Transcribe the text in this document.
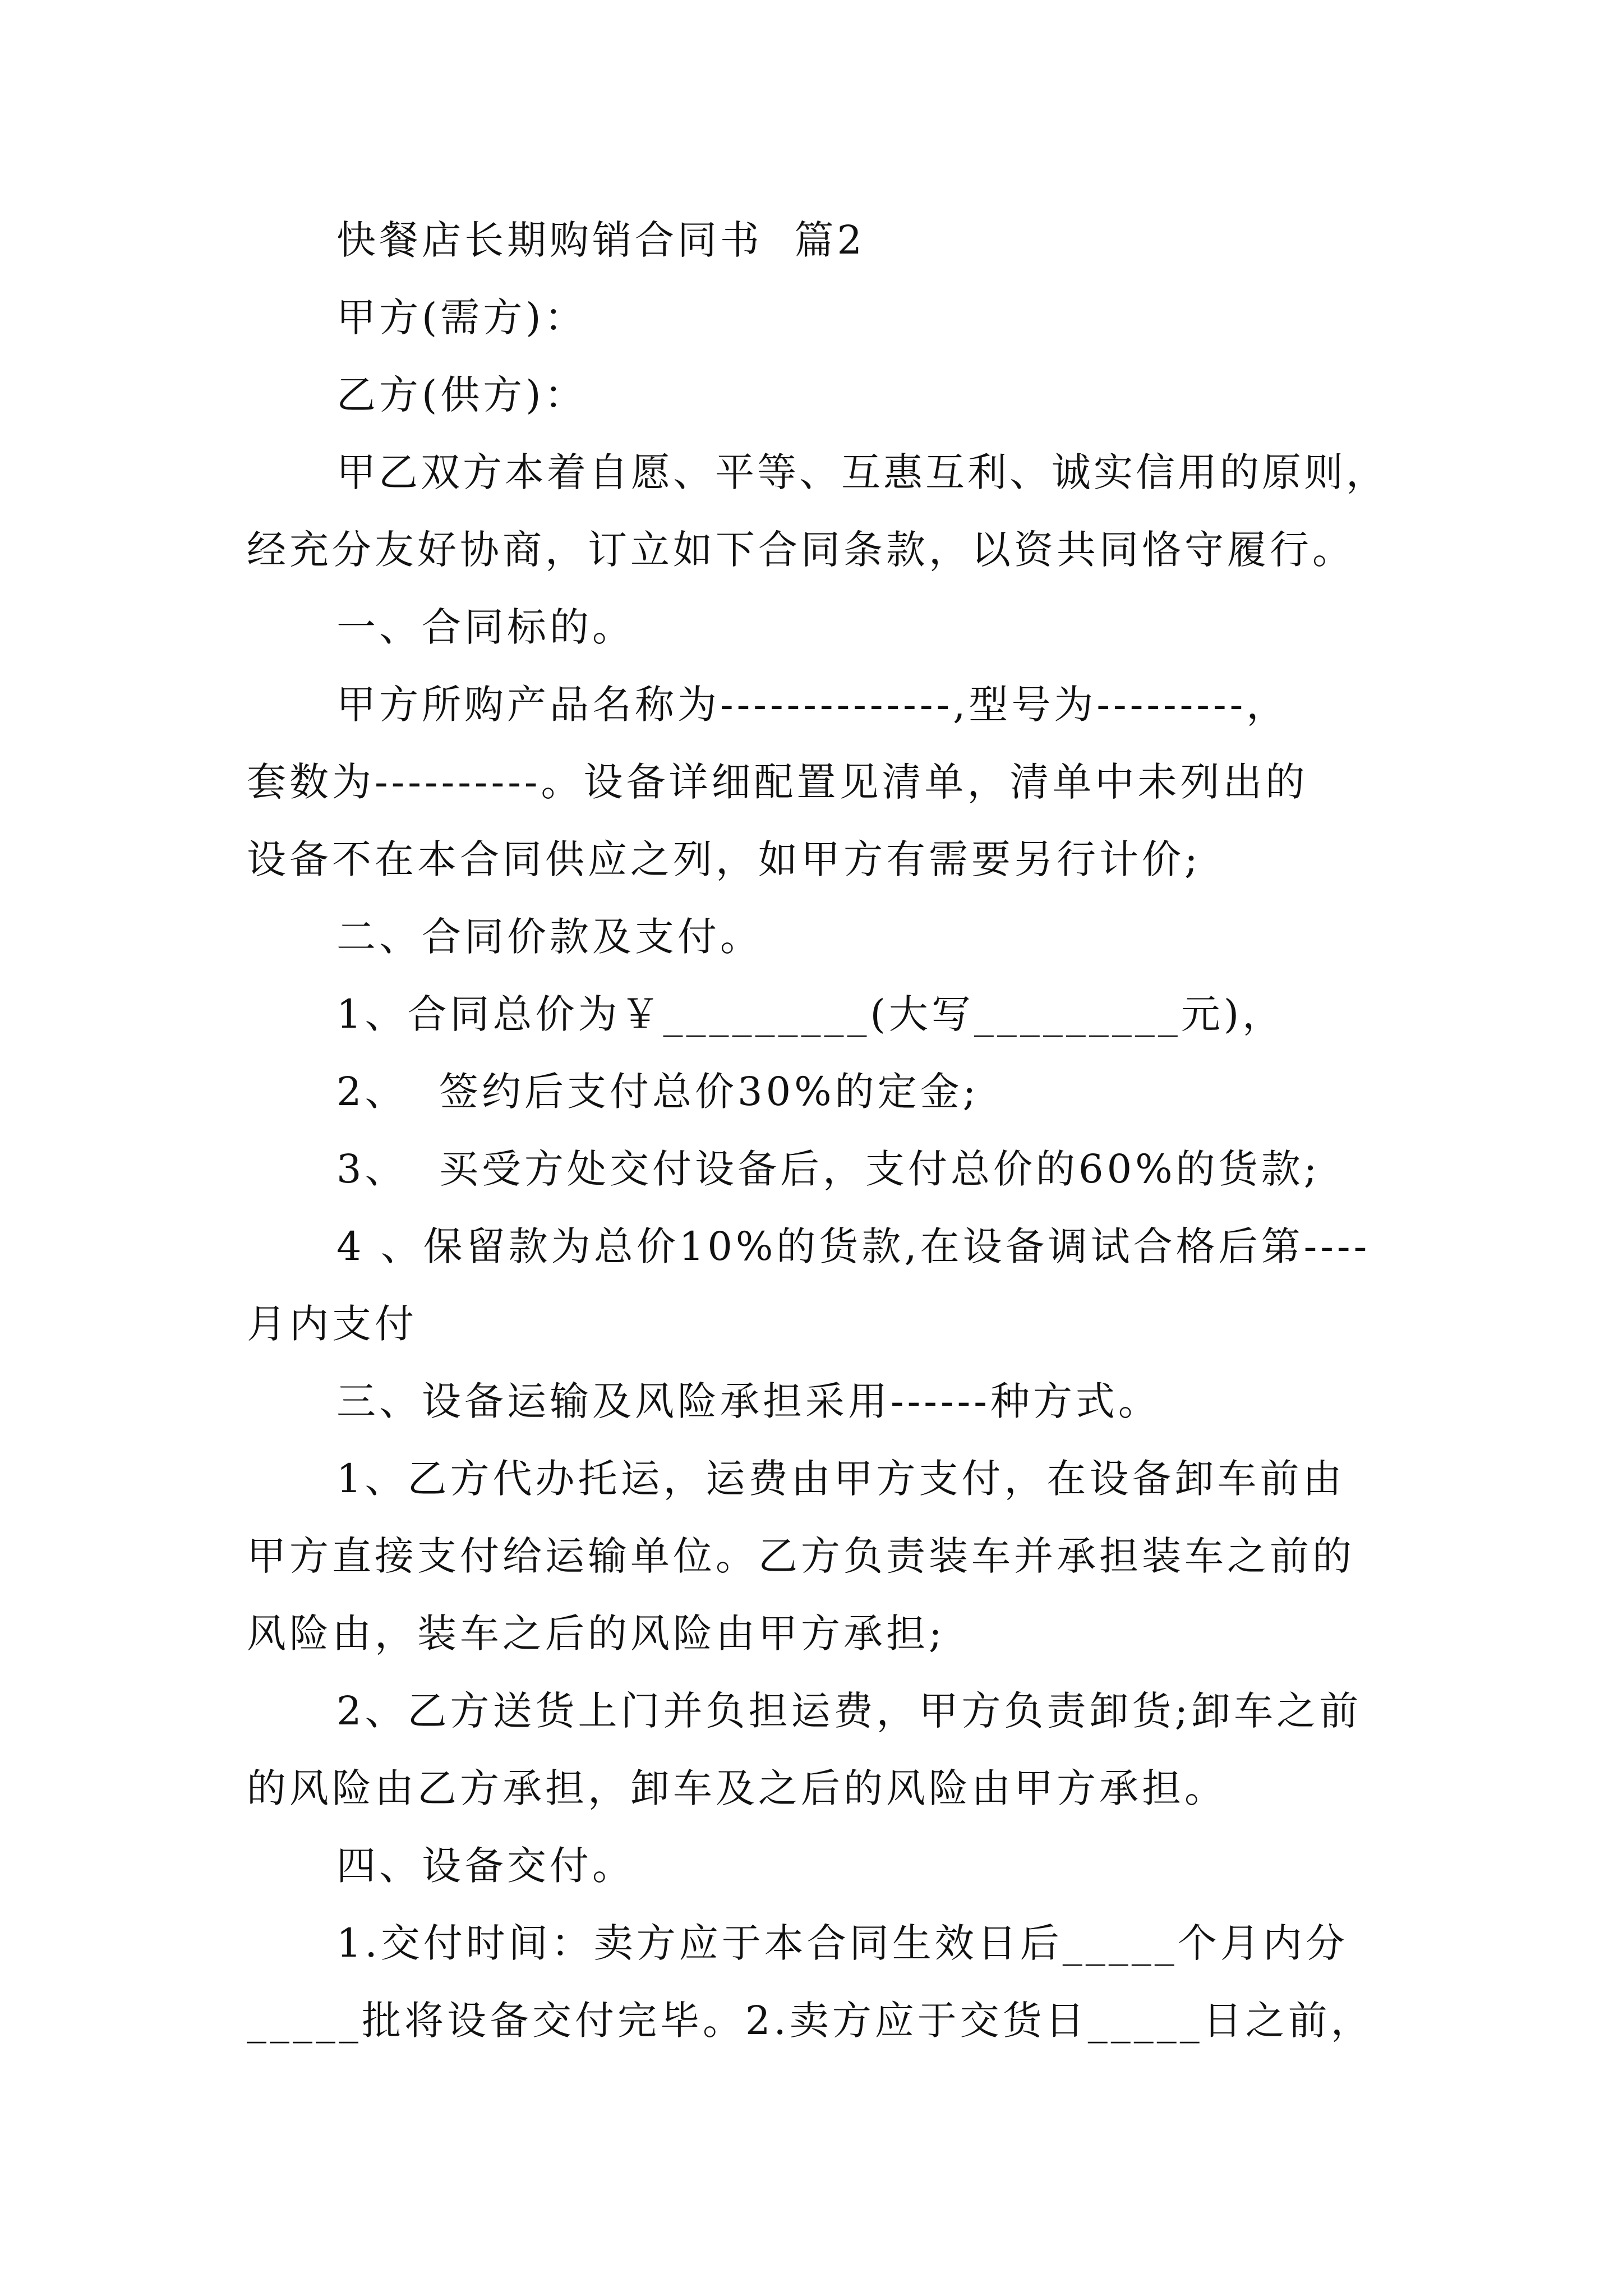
快餐店长期购销合同书  篇2
甲方(需方)：
乙方(供方)：
甲乙双方本着自愿、平等、互惠互利、诚实信用的原则，
经充分友好协商，订立如下合同条款，以资共同恪守履行。
一、合同标的。
甲方所购产品名称为--------------,型号为---------，
套数为----------。设备详细配置见清单，清单中未列出的
设备不在本合同供应之列，如甲方有需要另行计价;
二、合同价款及支付。
1、合同总价为￥_________(大写_________元)，
2、  签约后支付总价30%的定金;
3、  买受方处交付设备后，支付总价的60%的货款;
4 、保留款为总价10%的货款,在设备调试合格后第----
月内支付
三、设备运输及风险承担采用------种方式。
1、乙方代办托运，运费由甲方支付，在设备卸车前由
甲方直接支付给运输单位。乙方负责装车并承担装车之前的
风险由，装车之后的风险由甲方承担;
2、乙方送货上门并负担运费，甲方负责卸货;卸车之前
的风险由乙方承担，卸车及之后的风险由甲方承担。
四、设备交付。
1.交付时间：卖方应于本合同生效日后_____个月内分
_____批将设备交付完毕。2.卖方应于交货日_____日之前，
